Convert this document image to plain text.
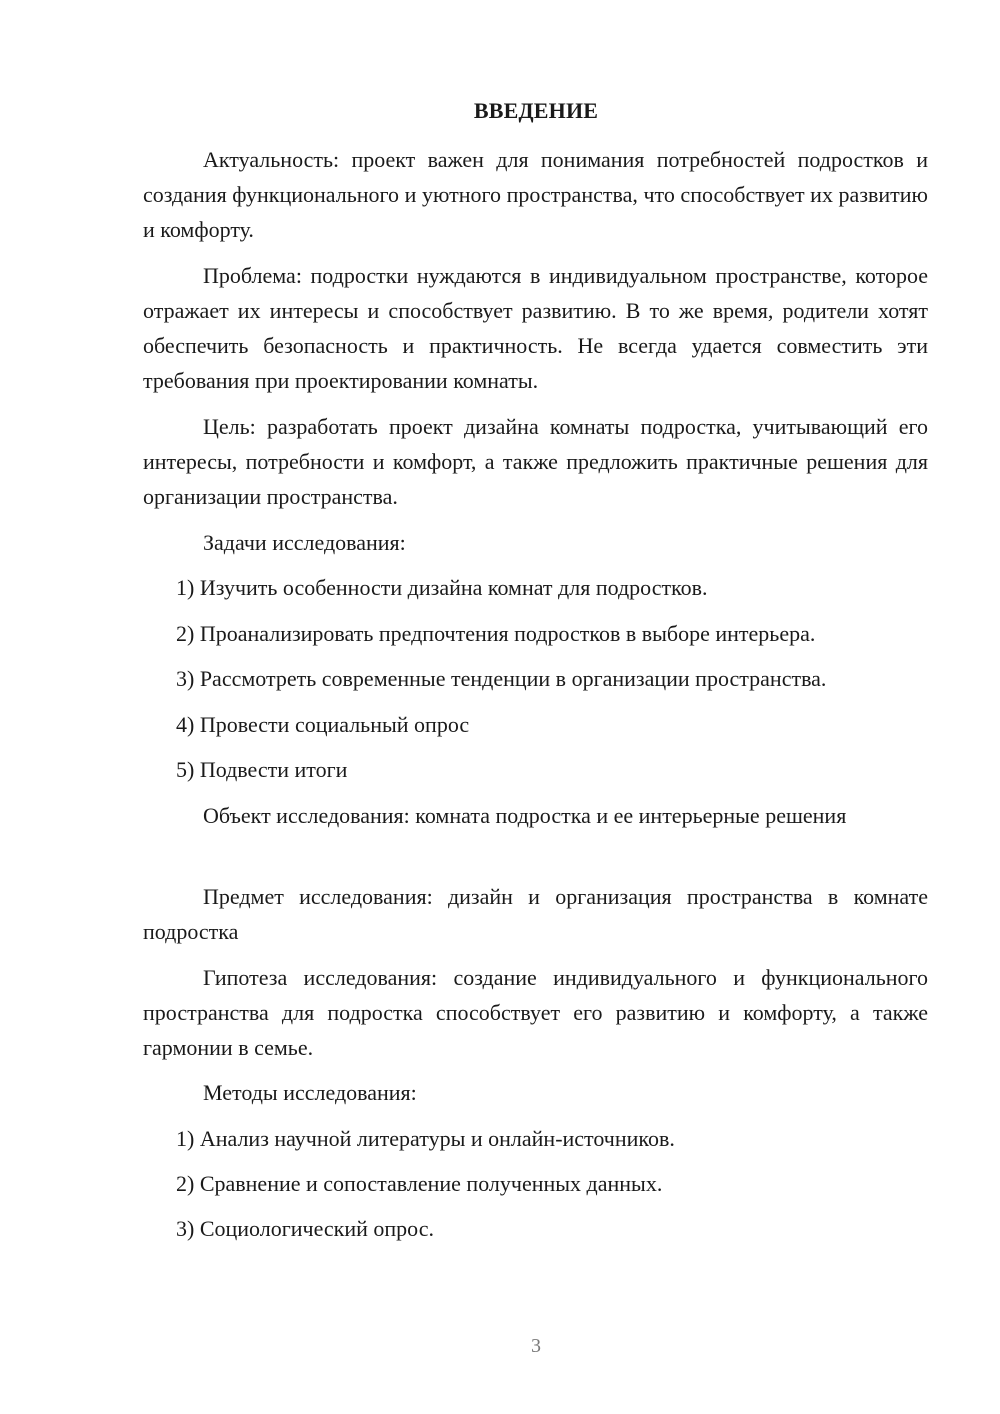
ВВЕДЕНИЕ

Актуальность: проект важен для понимания потребностей подростков и создания функционального и уютного пространства, что способствует их развитию и комфорту.

Проблема: подростки нуждаются в индивидуальном пространстве, которое отражает их интересы и способствует развитию. В то же время, родители хотят обеспечить безопасность и практичность. Не всегда удается совместить эти требования при проектировании комнаты.

Цель: разработать проект дизайна комнаты подростка, учитывающий его интересы, потребности и комфорт, а также предложить практичные решения для организации пространства.

Задачи исследования:

1) Изучить особенности дизайна комнат для подростков.

2) Проанализировать предпочтения подростков в выборе интерьера.

3) Рассмотреть современные тенденции в организации пространства.

4) Провести социальный опрос

5) Подвести итоги

Объект исследования: комната подростка и ее интерьерные решения

Предмет исследования: дизайн и организация пространства в комнате подростка

Гипотеза исследования: создание индивидуального и функционального пространства для подростка способствует его развитию и комфорту, а также гармонии в семье.

Методы исследования:

1) Анализ научной литературы и онлайн-источников.

2) Сравнение и сопоставление полученных данных.

3) Социологический опрос.

3
